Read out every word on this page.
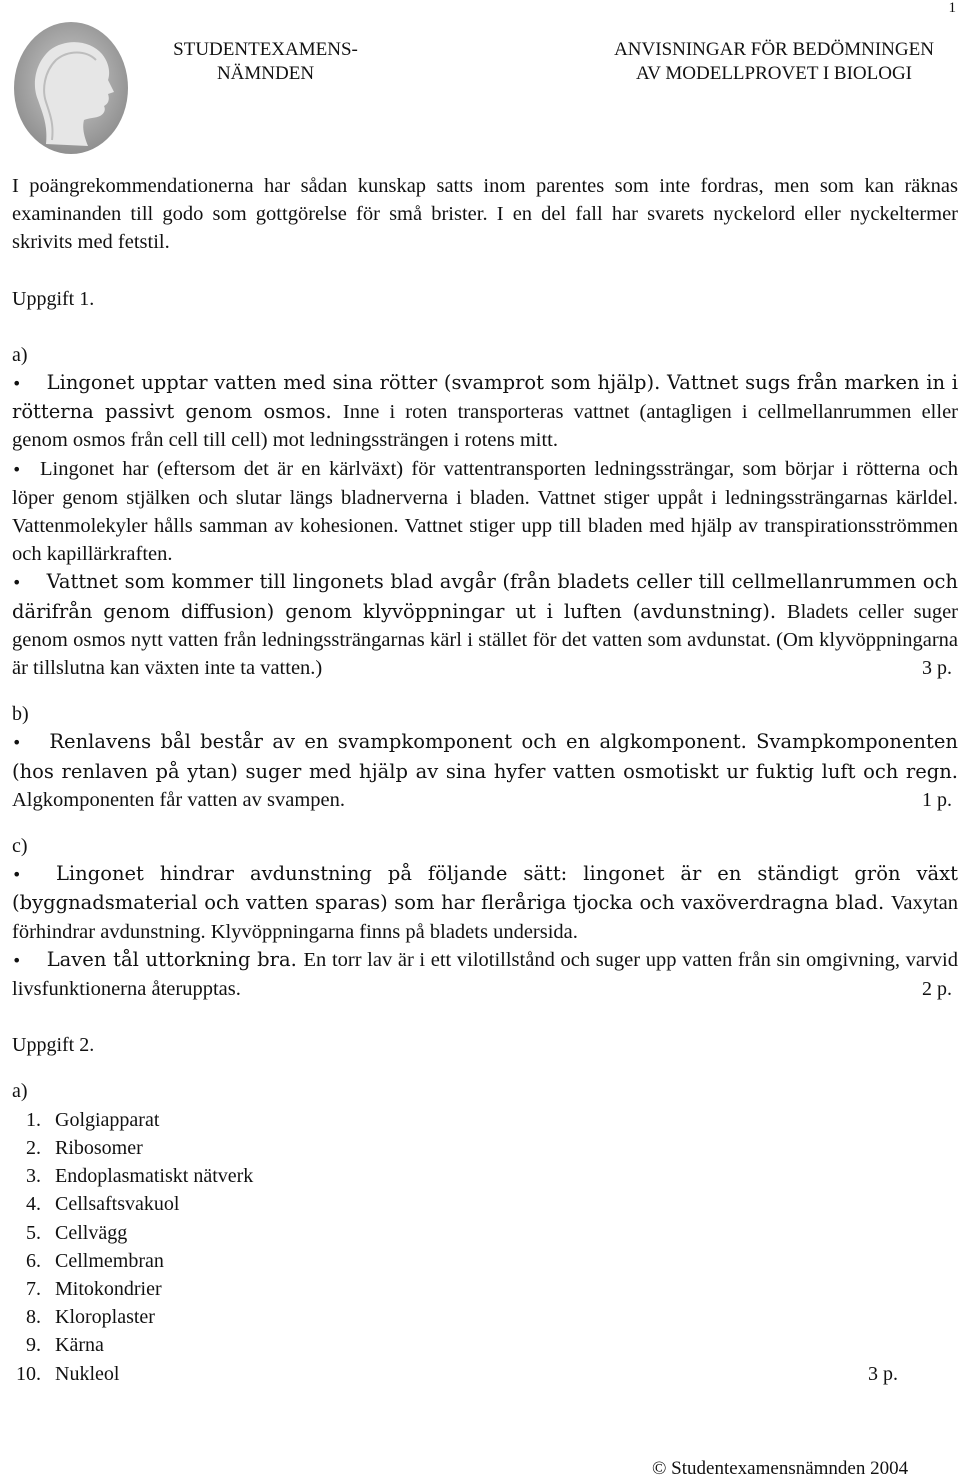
1
STUDENTEXAMENS-
NÄMNDEN
ANVISNINGAR FÖR BEDÖMNINGEN
AV MODELLPROVET I BIOLOGI

I poängrekommendationerna har sådan kunskap satts inom parentes som inte fordras, men som kan räknas examinanden till godo som gottgörelse för små brister. I en del fall har svarets nyckelord eller nyckeltermer skrivits med fetstil.

Uppgift 1.
a)

• Lingonet upptar vatten med sina rötter (svamprot som hjälp). Vattnet sugs från marken in i rötterna passivt genom osmos. Inne i roten transporteras vattnet (antagligen i cellmellanrummen eller genom osmos från cell till cell) mot ledningssträngen i rotens mitt.

• Lingonet har (eftersom det är en kärlväxt) för vattentransporten ledningssträngar, som börjar i rötterna och löper genom stjälken och slutar längs bladnerverna i bladen. Vattnet stiger uppåt i ledningssträngarnas kärldel. Vattenmolekyler hålls samman av kohesionen. Vattnet stiger upp till bladen med hjälp av transpirationsströmmen och kapillärkraften.

• Vattnet som kommer till lingonets blad avgår (från bladets celler till cellmellanrummen och därifrån genom diffusion) genom klyvöppningar ut i luften (avdunstning). Bladets celler suger genom osmos nytt vatten från ledningssträngarnas kärl i stället för det vatten som avdunstat. (Om klyvöppningarna är tillslutna kan växten inte ta vatten.)	3 p.

b)

• Renlavens bål består av en svampkomponent och en algkomponent. Svampkomponenten (hos renlaven på ytan) suger med hjälp av sina hyfer vatten osmotiskt ur fuktig luft och regn. Algkomponenten får vatten av svampen.	1 p.

c)

• Lingonet hindrar avdunstning på följande sätt: lingonet är en ständigt grön växt (byggnadsmaterial och vatten sparas) som har fleråriga tjocka och vaxöverdragna blad. Vaxytan förhindrar avdunstning. Klyvöppningarna finns på bladets undersida.

• Laven tål uttorkning bra. En torr lav är i ett vilotillstånd och suger upp vatten från sin omgivning, varvid livsfunktionerna återupptas.	2 p.

Uppgift 2.
a)
1. Golgiapparat
2. Ribosomer
3. Endoplasmatiskt nätverk
4. Cellsaftsvakuol
5. Cellvägg
6. Cellmembran
7. Mitokondrier
8. Kloroplaster
9. Kärna
10. Nukleol	3 p.
© Studentexamensnämnden 2004
